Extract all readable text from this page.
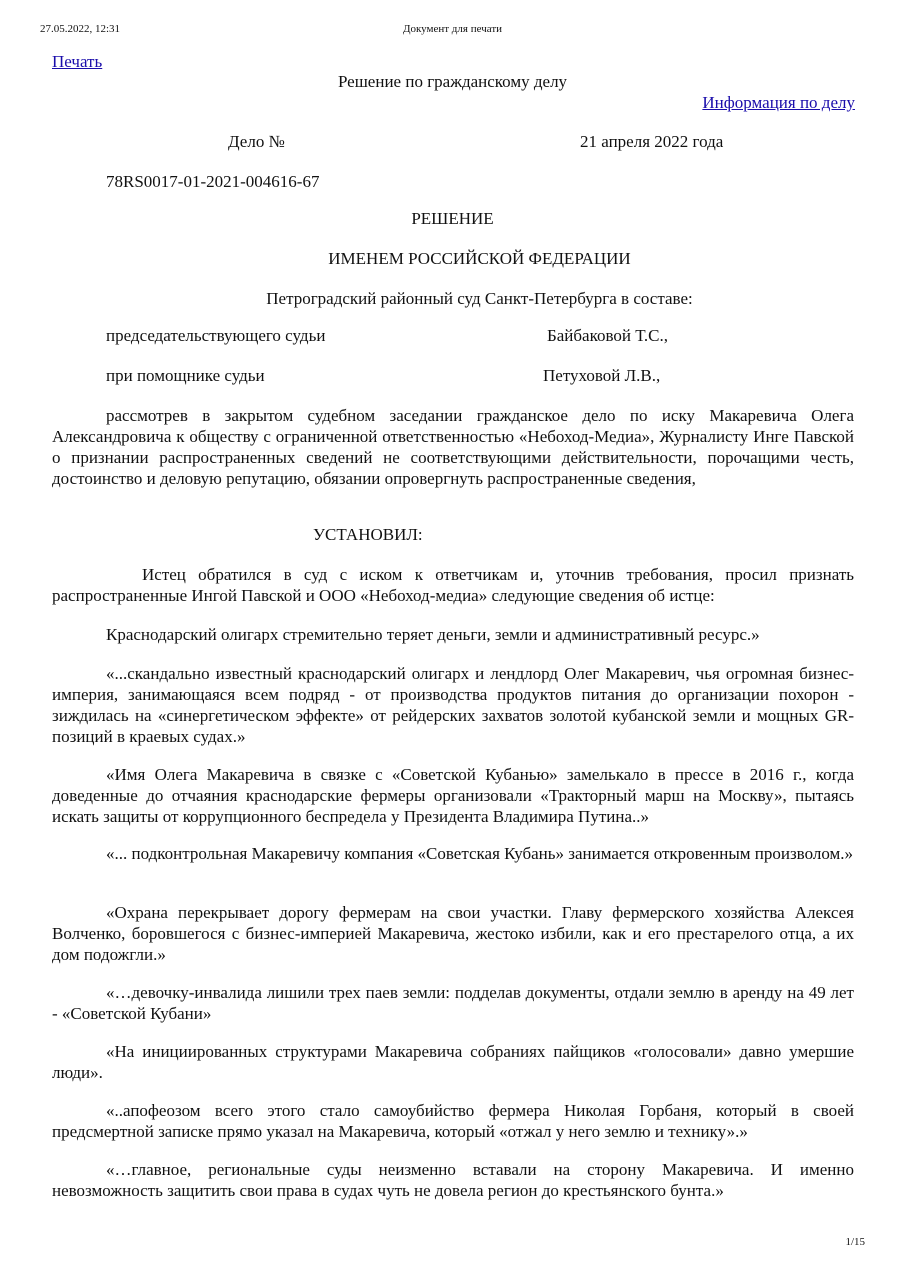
27.05.2022, 12:31	Документ для печати
Печать
Решение по гражданскому делу
Информация по делу
Дело №	21 апреля 2022 года
78RS0017-01-2021-004616-67
РЕШЕНИЕ
ИМЕНЕМ РОССИЙСКОЙ ФЕДЕРАЦИИ
Петроградский районный суд Санкт-Петербурга в составе:
председательствующего судьи	Байбаковой Т.С.,
при помощнике судьи	Петуховой Л.В.,
рассмотрев в закрытом судебном заседании гражданское дело по иску Макаревича Олега Александровича к обществу с ограниченной ответственностью «Небоход-Медиа», Журналисту Инге Павской о признании распространенных сведений не соответствующими действительности, порочащими честь, достоинство и деловую репутацию, обязании опровергнуть распространенные сведения,
УСТАНОВИЛ:
Истец обратился в суд с иском к ответчикам и, уточнив требования, просил признать распространенные Ингой Павской и ООО «Небоход-медиа» следующие сведения об истце:
Краснодарский олигарх стремительно теряет деньги, земли и административный ресурс.»
«...скандально известный краснодарский олигарх и лендлорд Олег Макаревич, чья огромная бизнес-империя, занимающаяся всем подряд - от производства продуктов питания до организации похорон - зиждилась на «синергетическом эффекте» от рейдерских захватов золотой кубанской земли и мощных GR-позиций в краевых судах.»
«Имя Олега Макаревича в связке с «Советской Кубанью» замелькало в прессе в 2016 г., когда доведенные до отчаяния краснодарские фермеры организовали «Тракторный марш на Москву», пытаясь искать защиты от коррупционного беспредела у Президента Владимира Путина..»
«... подконтрольная Макаревичу компания «Советская Кубань» занимается откровенным произволом.»
«Охрана перекрывает дорогу фермерам на свои участки. Главу фермерского хозяйства Алексея Волченко, боровшегося с бизнес-империей Макаревича, жестоко избили, как и его престарелого отца, а их дом подожгли.»
«…девочку-инвалида лишили трех паев земли: подделав документы, отдали землю в аренду на 49 лет - «Советской Кубани»
«На инициированных структурами Макаревича собраниях пайщиков «голосовали» давно умершие люди».
«..апофеозом всего этого стало самоубийство фермера Николая Горбаня, который в своей предсмертной записке прямо указал на Макаревича, который «отжал у него землю и технику».»
«…главное, региональные суды неизменно вставали на сторону Макаревича. И именно невозможность защитить свои права в судах чуть не довела регион до крестьянского бунта.»
1/15
